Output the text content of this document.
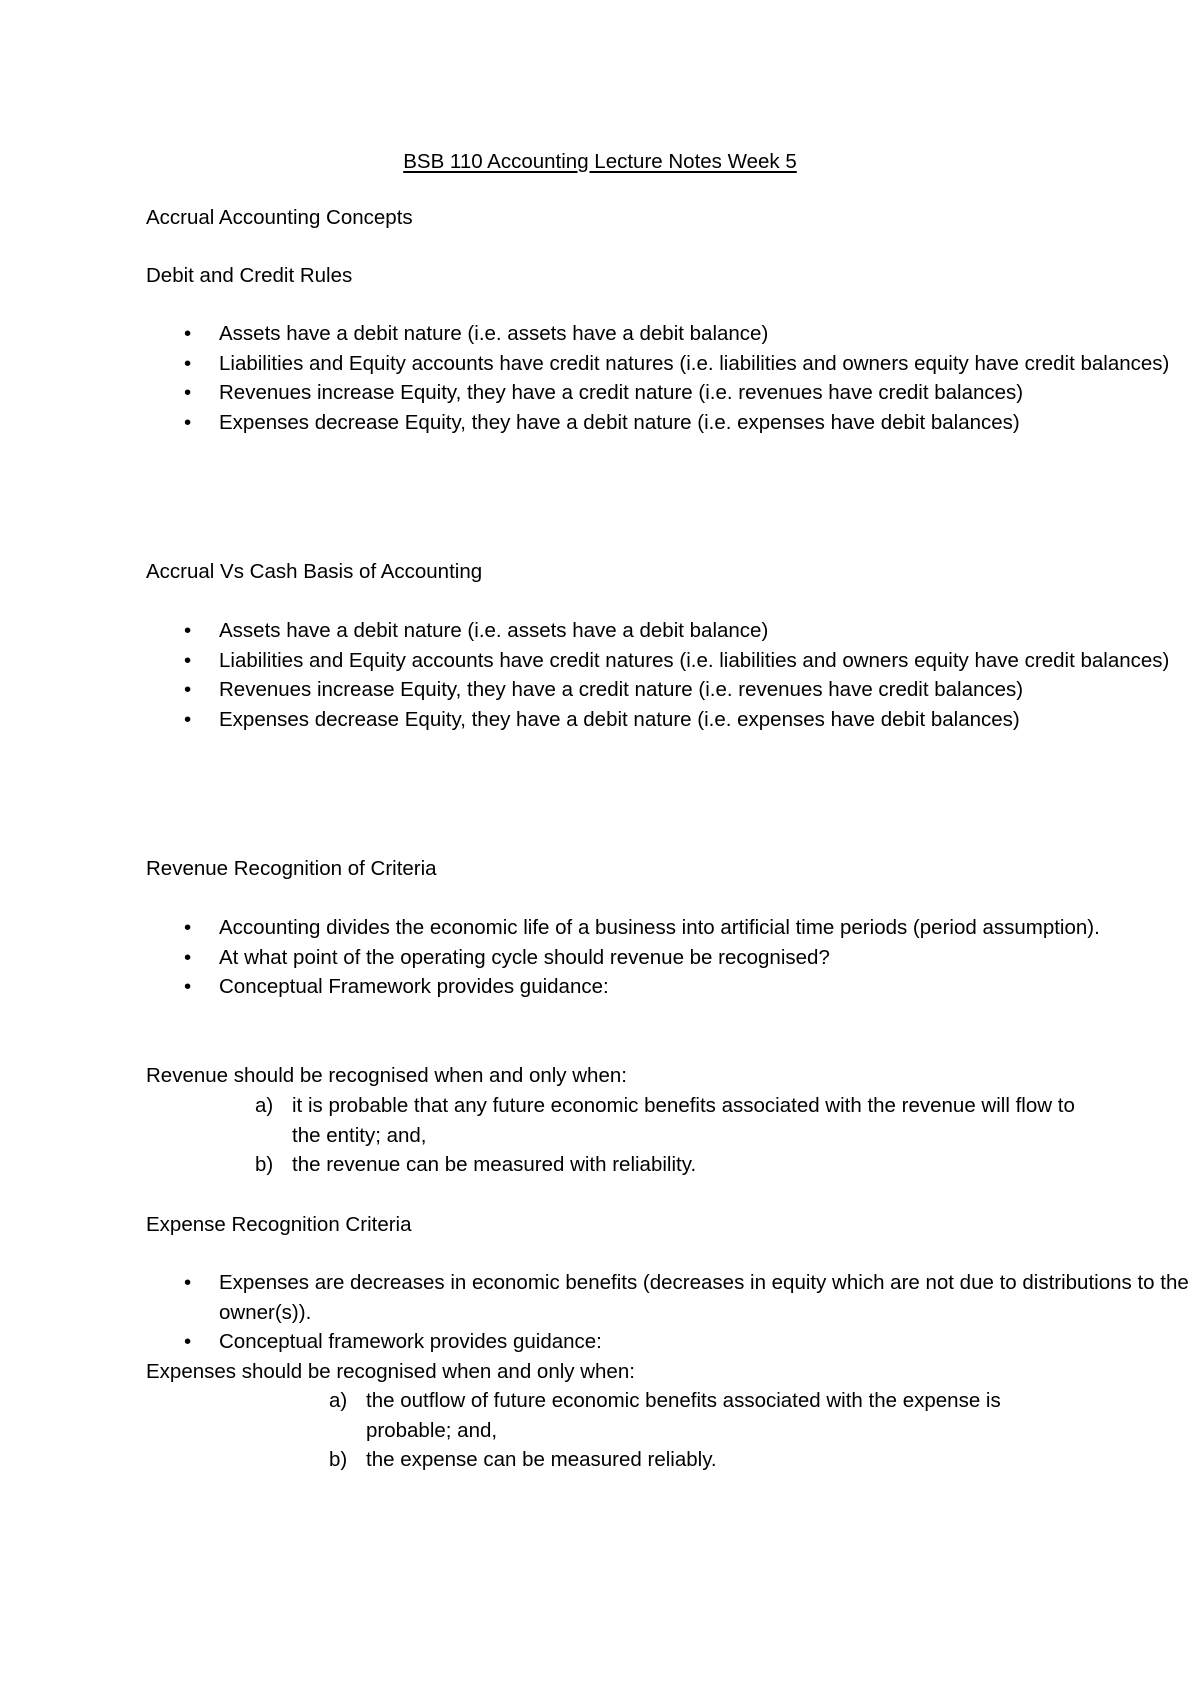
BSB 110 Accounting Lecture Notes Week 5
Accrual Accounting Concepts
Debit and Credit Rules
• Assets have a debit nature (i.e. assets have a debit balance)
• Liabilities and Equity accounts have credit natures (i.e. liabilities and owners equity have credit balances)
• Revenues increase Equity, they have a credit nature (i.e. revenues have credit balances)
• Expenses decrease Equity, they have a debit nature (i.e. expenses have debit balances)
Accrual Vs Cash Basis of Accounting
• Assets have a debit nature (i.e. assets have a debit balance)
• Liabilities and Equity accounts have credit natures (i.e. liabilities and owners equity have credit balances)
• Revenues increase Equity, they have a credit nature (i.e. revenues have credit balances)
• Expenses decrease Equity, they have a debit nature (i.e. expenses have debit balances)
Revenue Recognition of Criteria
• Accounting divides the economic life of a business into artificial time periods (period assumption).
• At what point of the operating cycle should revenue be recognised?
• Conceptual Framework provides guidance:
Revenue should be recognised when and only when:
a) it is probable that any future economic benefits associated with the revenue will flow to the entity; and,
b) the revenue can be measured with reliability.
Expense Recognition Criteria
• Expenses are decreases in economic benefits (decreases in equity which are not due to distributions to the owner(s)).
• Conceptual framework provides guidance:
Expenses should be recognised when and only when:
a) the outflow of future economic benefits associated with the expense is probable; and,
b) the expense can be measured reliably.
